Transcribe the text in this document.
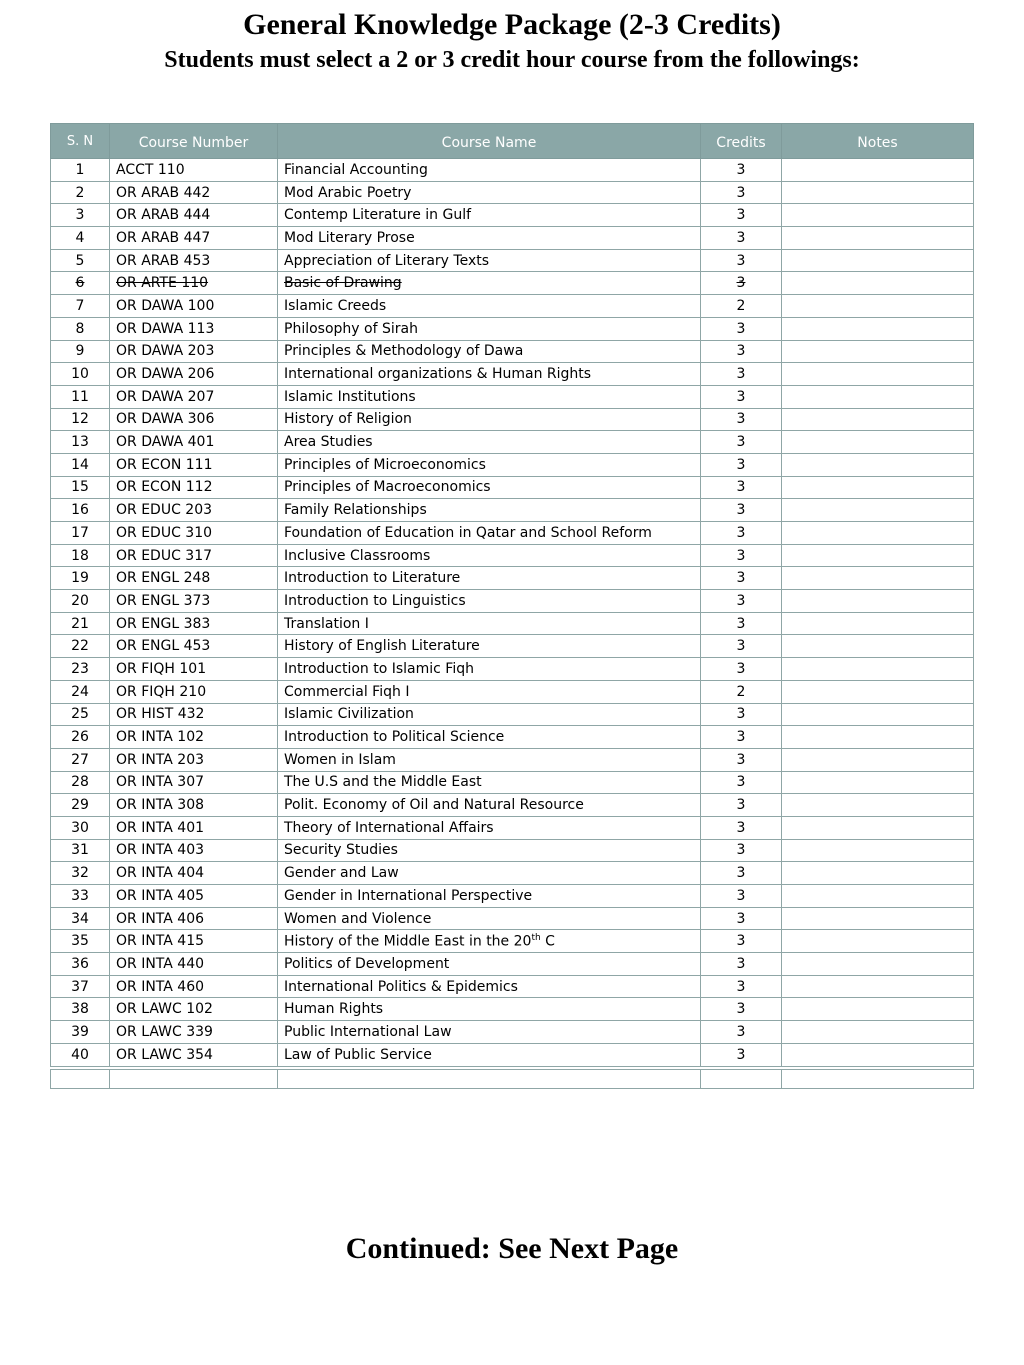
General Knowledge Package (2-3 Credits)
Students must select a 2 or 3 credit hour course from the followings:
S. N	Course Number	Course Name	Credits	Notes
1	ACCT 110	Financial Accounting	3	
2	OR ARAB 442	Mod Arabic Poetry	3	
3	OR ARAB 444	Contemp Literature in Gulf	3	
4	OR ARAB 447	Mod Literary Prose	3	
5	OR ARAB 453	Appreciation of Literary Texts	3	
6	OR ARTE 110	Basic of Drawing	3	
7	OR DAWA 100	Islamic Creeds	2	
8	OR DAWA 113	Philosophy of Sirah	3	
9	OR DAWA 203	Principles & Methodology of Dawa	3	
10	OR DAWA 206	International organizations & Human Rights	3	
11	OR DAWA 207	Islamic Institutions	3	
12	OR DAWA 306	History of Religion	3	
13	OR DAWA 401	Area Studies	3	
14	OR ECON 111	Principles of Microeconomics	3	
15	OR ECON 112	Principles of Macroeconomics	3	
16	OR EDUC 203	Family Relationships	3	
17	OR EDUC 310	Foundation of Education in Qatar and School Reform	3	
18	OR EDUC 317	Inclusive Classrooms	3	
19	OR ENGL 248	Introduction to Literature	3	
20	OR ENGL 373	Introduction to Linguistics	3	
21	OR ENGL 383	Translation I	3	
22	OR ENGL 453	History of English Literature	3	
23	OR FIQH 101	Introduction to Islamic Fiqh	3	
24	OR FIQH 210	Commercial Fiqh I	2	
25	OR HIST 432	Islamic Civilization	3	
26	OR INTA 102	Introduction to Political Science	3	
27	OR INTA 203	Women in Islam	3	
28	OR INTA 307	The U.S and the Middle East	3	
29	OR INTA 308	Polit. Economy of Oil and Natural Resource	3	
30	OR INTA 401	Theory of International Affairs	3	
31	OR INTA 403	Security Studies	3	
32	OR INTA 404	Gender and Law	3	
33	OR INTA 405	Gender in International Perspective	3	
34	OR INTA 406	Women and Violence	3	
35	OR INTA 415	History of the Middle East in the 20th C	3	
36	OR INTA 440	Politics of Development	3	
37	OR INTA 460	International Politics & Epidemics	3	
38	OR LAWC 102	Human Rights	3	
39	OR LAWC 339	Public International Law	3	
40	OR LAWC 354	Law of Public Service	3	

Continued: See Next Page
